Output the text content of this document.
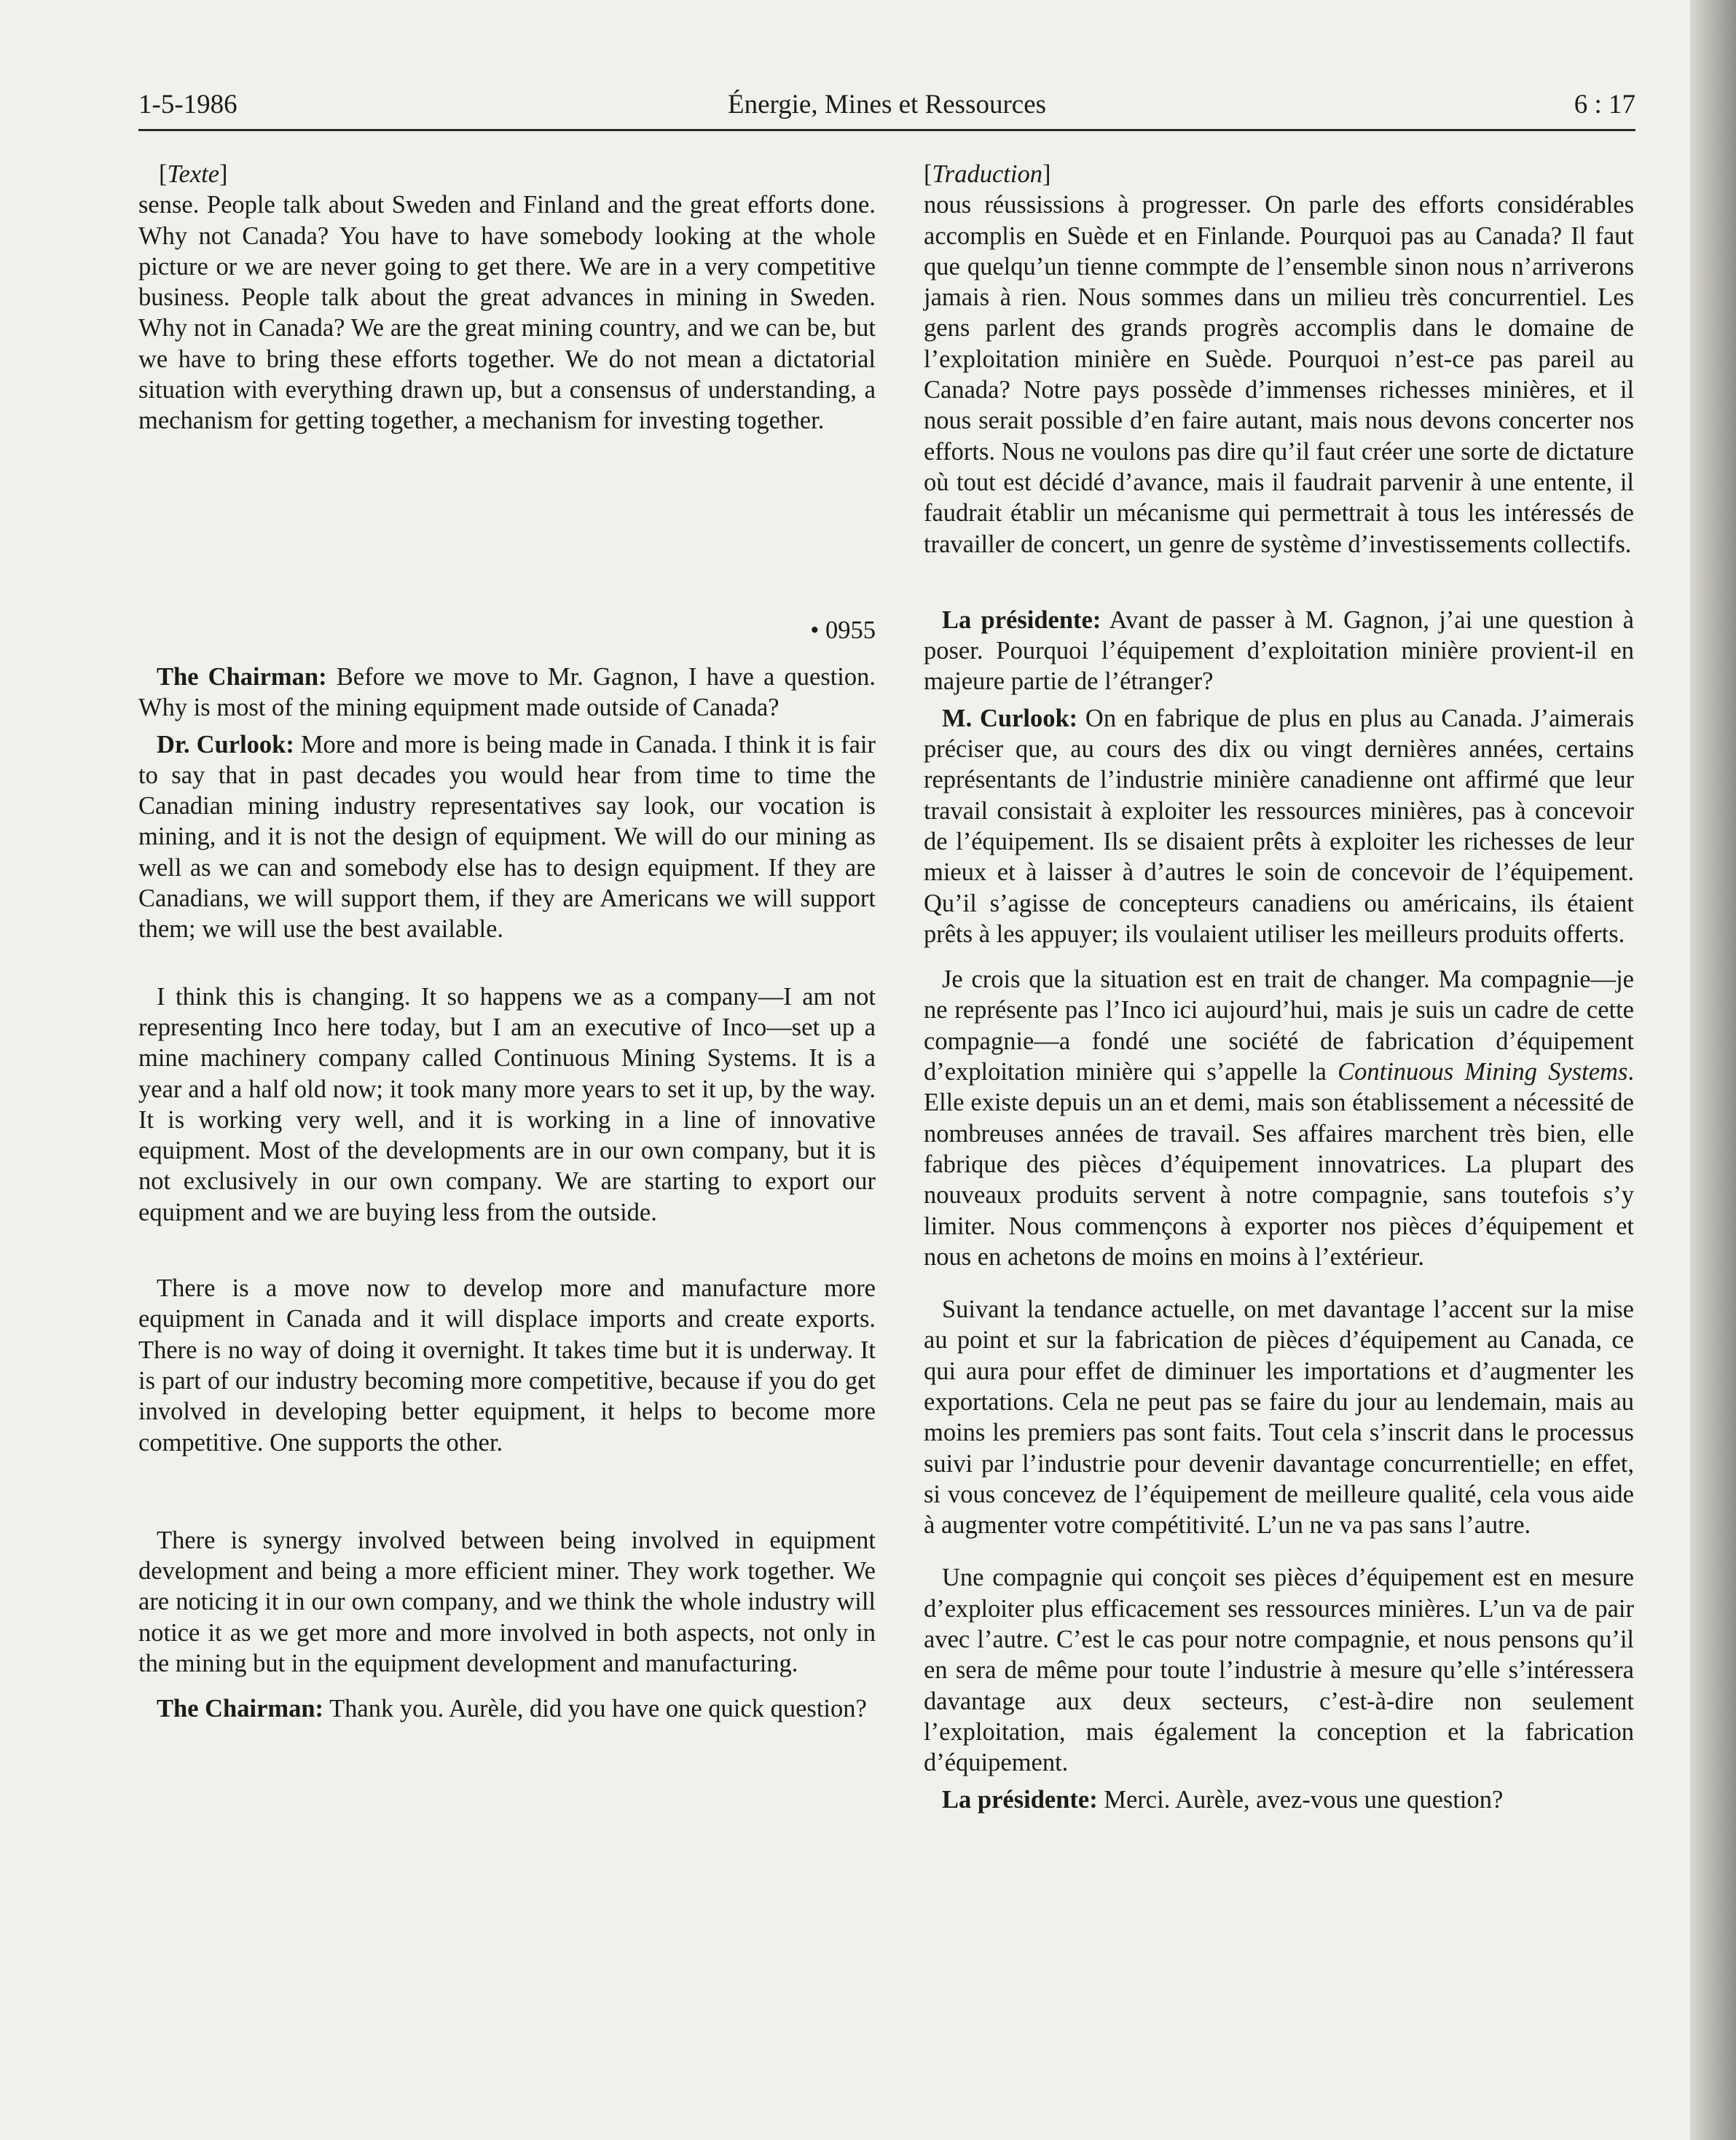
1-5-1986	Énergie, Mines et Ressources	6 : 17

[Texte]

sense. People talk about Sweden and Finland and the great efforts done. Why not Canada? You have to have somebody looking at the whole picture or we are never going to get there. We are in a very competitive business. People talk about the great advances in mining in Sweden. Why not in Canada? We are the great mining country, and we can be, but we have to bring these efforts together. We do not mean a dictatorial situation with everything drawn up, but a consensus of understanding, a mechanism for getting together, a mechanism for investing together.

• 0955

The Chairman: Before we move to Mr. Gagnon, I have a question. Why is most of the mining equipment made outside of Canada?

Dr. Curlook: More and more is being made in Canada. I think it is fair to say that in past decades you would hear from time to time the Canadian mining industry representatives say look, our vocation is mining, and it is not the design of equipment. We will do our mining as well as we can and somebody else has to design equipment. If they are Canadians, we will support them, if they are Americans we will support them; we will use the best available.

I think this is changing. It so happens we as a company—I am not representing Inco here today, but I am an executive of Inco—set up a mine machinery company called Continuous Mining Systems. It is a year and a half old now; it took many more years to set it up, by the way. It is working very well, and it is working in a line of innovative equipment. Most of the developments are in our own company, but it is not exclusively in our own company. We are starting to export our equipment and we are buying less from the outside.

There is a move now to develop more and manufacture more equipment in Canada and it will displace imports and create exports. There is no way of doing it overnight. It takes time but it is underway. It is part of our industry becoming more competitive, because if you do get involved in developing better equipment, it helps to become more competitive. One supports the other.

There is synergy involved between being involved in equipment development and being a more efficient miner. They work together. We are noticing it in our own company, and we think the whole industry will notice it as we get more and more involved in both aspects, not only in the mining but in the equipment development and manufacturing.

The Chairman: Thank you. Aurèle, did you have one quick question?

[Traduction]

nous réussissions à progresser. On parle des efforts considérables accomplis en Suède et en Finlande. Pourquoi pas au Canada? Il faut que quelqu’un tienne commpte de l’ensemble sinon nous n’arriverons jamais à rien. Nous sommes dans un milieu très concurrentiel. Les gens parlent des grands progrès accomplis dans le domaine de l’exploitation minière en Suède. Pourquoi n’est-ce pas pareil au Canada? Notre pays possède d’immenses richesses minières, et il nous serait possible d’en faire autant, mais nous devons concerter nos efforts. Nous ne voulons pas dire qu’il faut créer une sorte de dictature où tout est décidé d’avance, mais il faudrait parvenir à une entente, il faudrait établir un mécanisme qui permettrait à tous les intéressés de travailler de concert, un genre de système d’investissements collectifs.

La présidente: Avant de passer à M. Gagnon, j’ai une question à poser. Pourquoi l’équipement d’exploitation minière provient-il en majeure partie de l’étranger?

M. Curlook: On en fabrique de plus en plus au Canada. J’aimerais préciser que, au cours des dix ou vingt dernières années, certains représentants de l’industrie minière canadienne ont affirmé que leur travail consistait à exploiter les ressources minières, pas à concevoir de l’équipement. Ils se disaient prêts à exploiter les richesses de leur mieux et à laisser à d’autres le soin de concevoir de l’équipement. Qu’il s’agisse de concepteurs canadiens ou américains, ils étaient prêts à les appuyer; ils voulaient utiliser les meilleurs produits offerts.

Je crois que la situation est en trait de changer. Ma compagnie—je ne représente pas l’Inco ici aujourd’hui, mais je suis un cadre de cette compagnie—a fondé une société de fabrication d’équipement d’exploitation minière qui s’appelle la Continuous Mining Systems. Elle existe depuis un an et demi, mais son établissement a nécessité de nombreuses années de travail. Ses affaires marchent très bien, elle fabrique des pièces d’équipement innovatrices. La plupart des nouveaux produits servent à notre compagnie, sans toutefois s’y limiter. Nous commençons à exporter nos pièces d’équipement et nous en achetons de moins en moins à l’extérieur.

Suivant la tendance actuelle, on met davantage l’accent sur la mise au point et sur la fabrication de pièces d’équipement au Canada, ce qui aura pour effet de diminuer les importations et d’augmenter les exportations. Cela ne peut pas se faire du jour au lendemain, mais au moins les premiers pas sont faits. Tout cela s’inscrit dans le processus suivi par l’industrie pour devenir davantage concurrentielle; en effet, si vous concevez de l’équipement de meilleure qualité, cela vous aide à augmenter votre compétitivité. L’un ne va pas sans l’autre.

Une compagnie qui conçoit ses pièces d’équipement est en mesure d’exploiter plus efficacement ses ressources minières. L’un va de pair avec l’autre. C’est le cas pour notre compagnie, et nous pensons qu’il en sera de même pour toute l’industrie à mesure qu’elle s’intéressera davantage aux deux secteurs, c’est-à-dire non seulement l’exploitation, mais également la conception et la fabrication d’équipement.

La présidente: Merci. Aurèle, avez-vous une question?
